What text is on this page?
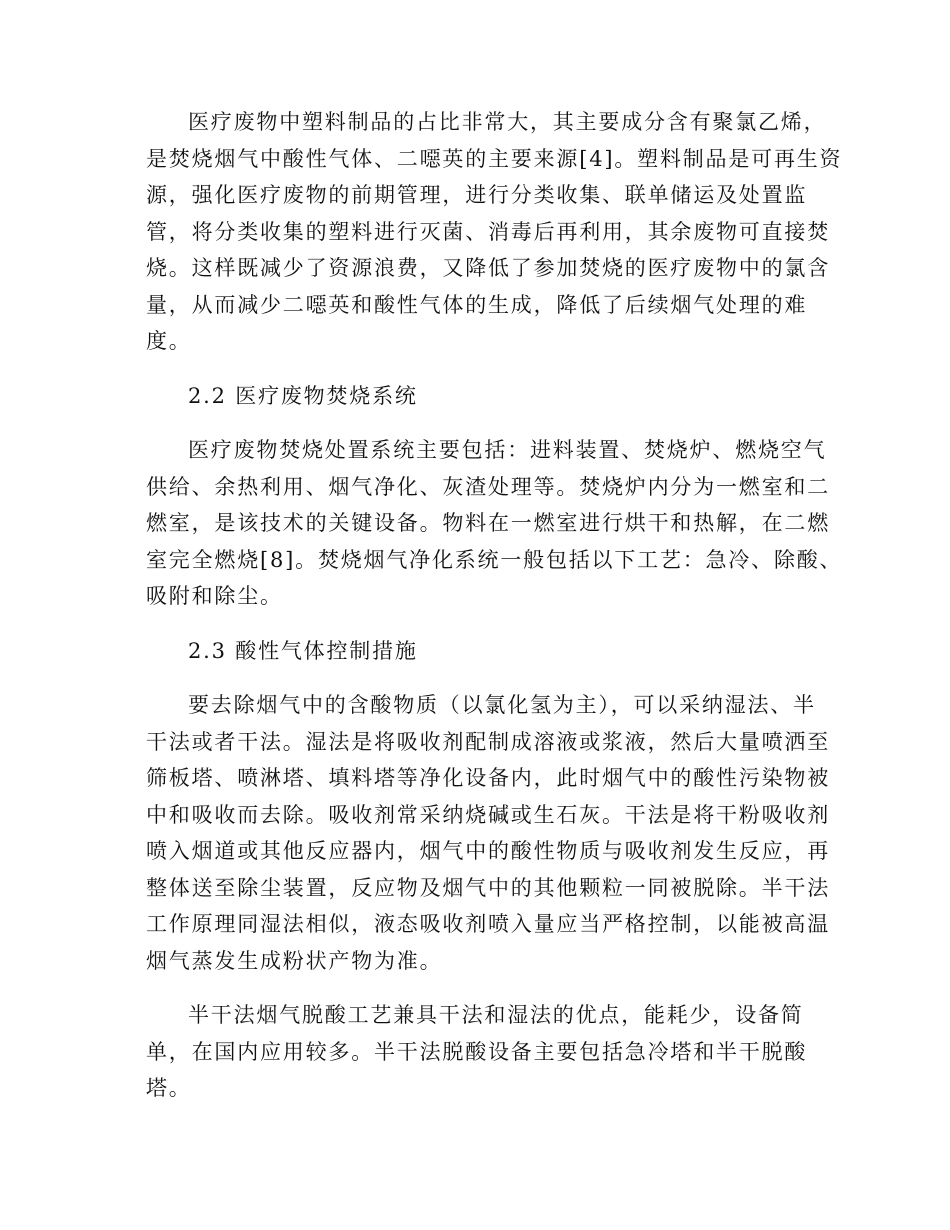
医疗废物中塑料制品的占比非常大，其主要成分含有聚氯乙烯，
是焚烧烟气中酸性气体、二噁英的主要来源[4]。塑料制品是可再生资
源，强化医疗废物的前期管理，进行分类收集、联单储运及处置监
管，将分类收集的塑料进行灭菌、消毒后再利用，其余废物可直接焚
烧。这样既减少了资源浪费，又降低了参加焚烧的医疗废物中的氯含
量，从而减少二噁英和酸性气体的生成，降低了后续烟气处理的难
度。

2.2 医疗废物焚烧系统

医疗废物焚烧处置系统主要包括：进料装置、焚烧炉、燃烧空气
供给、余热利用、烟气净化、灰渣处理等。焚烧炉内分为一燃室和二
燃室，是该技术的关键设备。物料在一燃室进行烘干和热解，在二燃
室完全燃烧[8]。焚烧烟气净化系统一般包括以下工艺：急冷、除酸、
吸附和除尘。

2.3 酸性气体控制措施

要去除烟气中的含酸物质（以氯化氢为主），可以采纳湿法、半
干法或者干法。湿法是将吸收剂配制成溶液或浆液，然后大量喷洒至
筛板塔、喷淋塔、填料塔等净化设备内，此时烟气中的酸性污染物被
中和吸收而去除。吸收剂常采纳烧碱或生石灰。干法是将干粉吸收剂
喷入烟道或其他反应器内，烟气中的酸性物质与吸收剂发生反应，再
整体送至除尘装置，反应物及烟气中的其他颗粒一同被脱除。半干法
工作原理同湿法相似，液态吸收剂喷入量应当严格控制，以能被高温
烟气蒸发生成粉状产物为准。

半干法烟气脱酸工艺兼具干法和湿法的优点，能耗少，设备简
单，在国内应用较多。半干法脱酸设备主要包括急冷塔和半干脱酸
塔。
